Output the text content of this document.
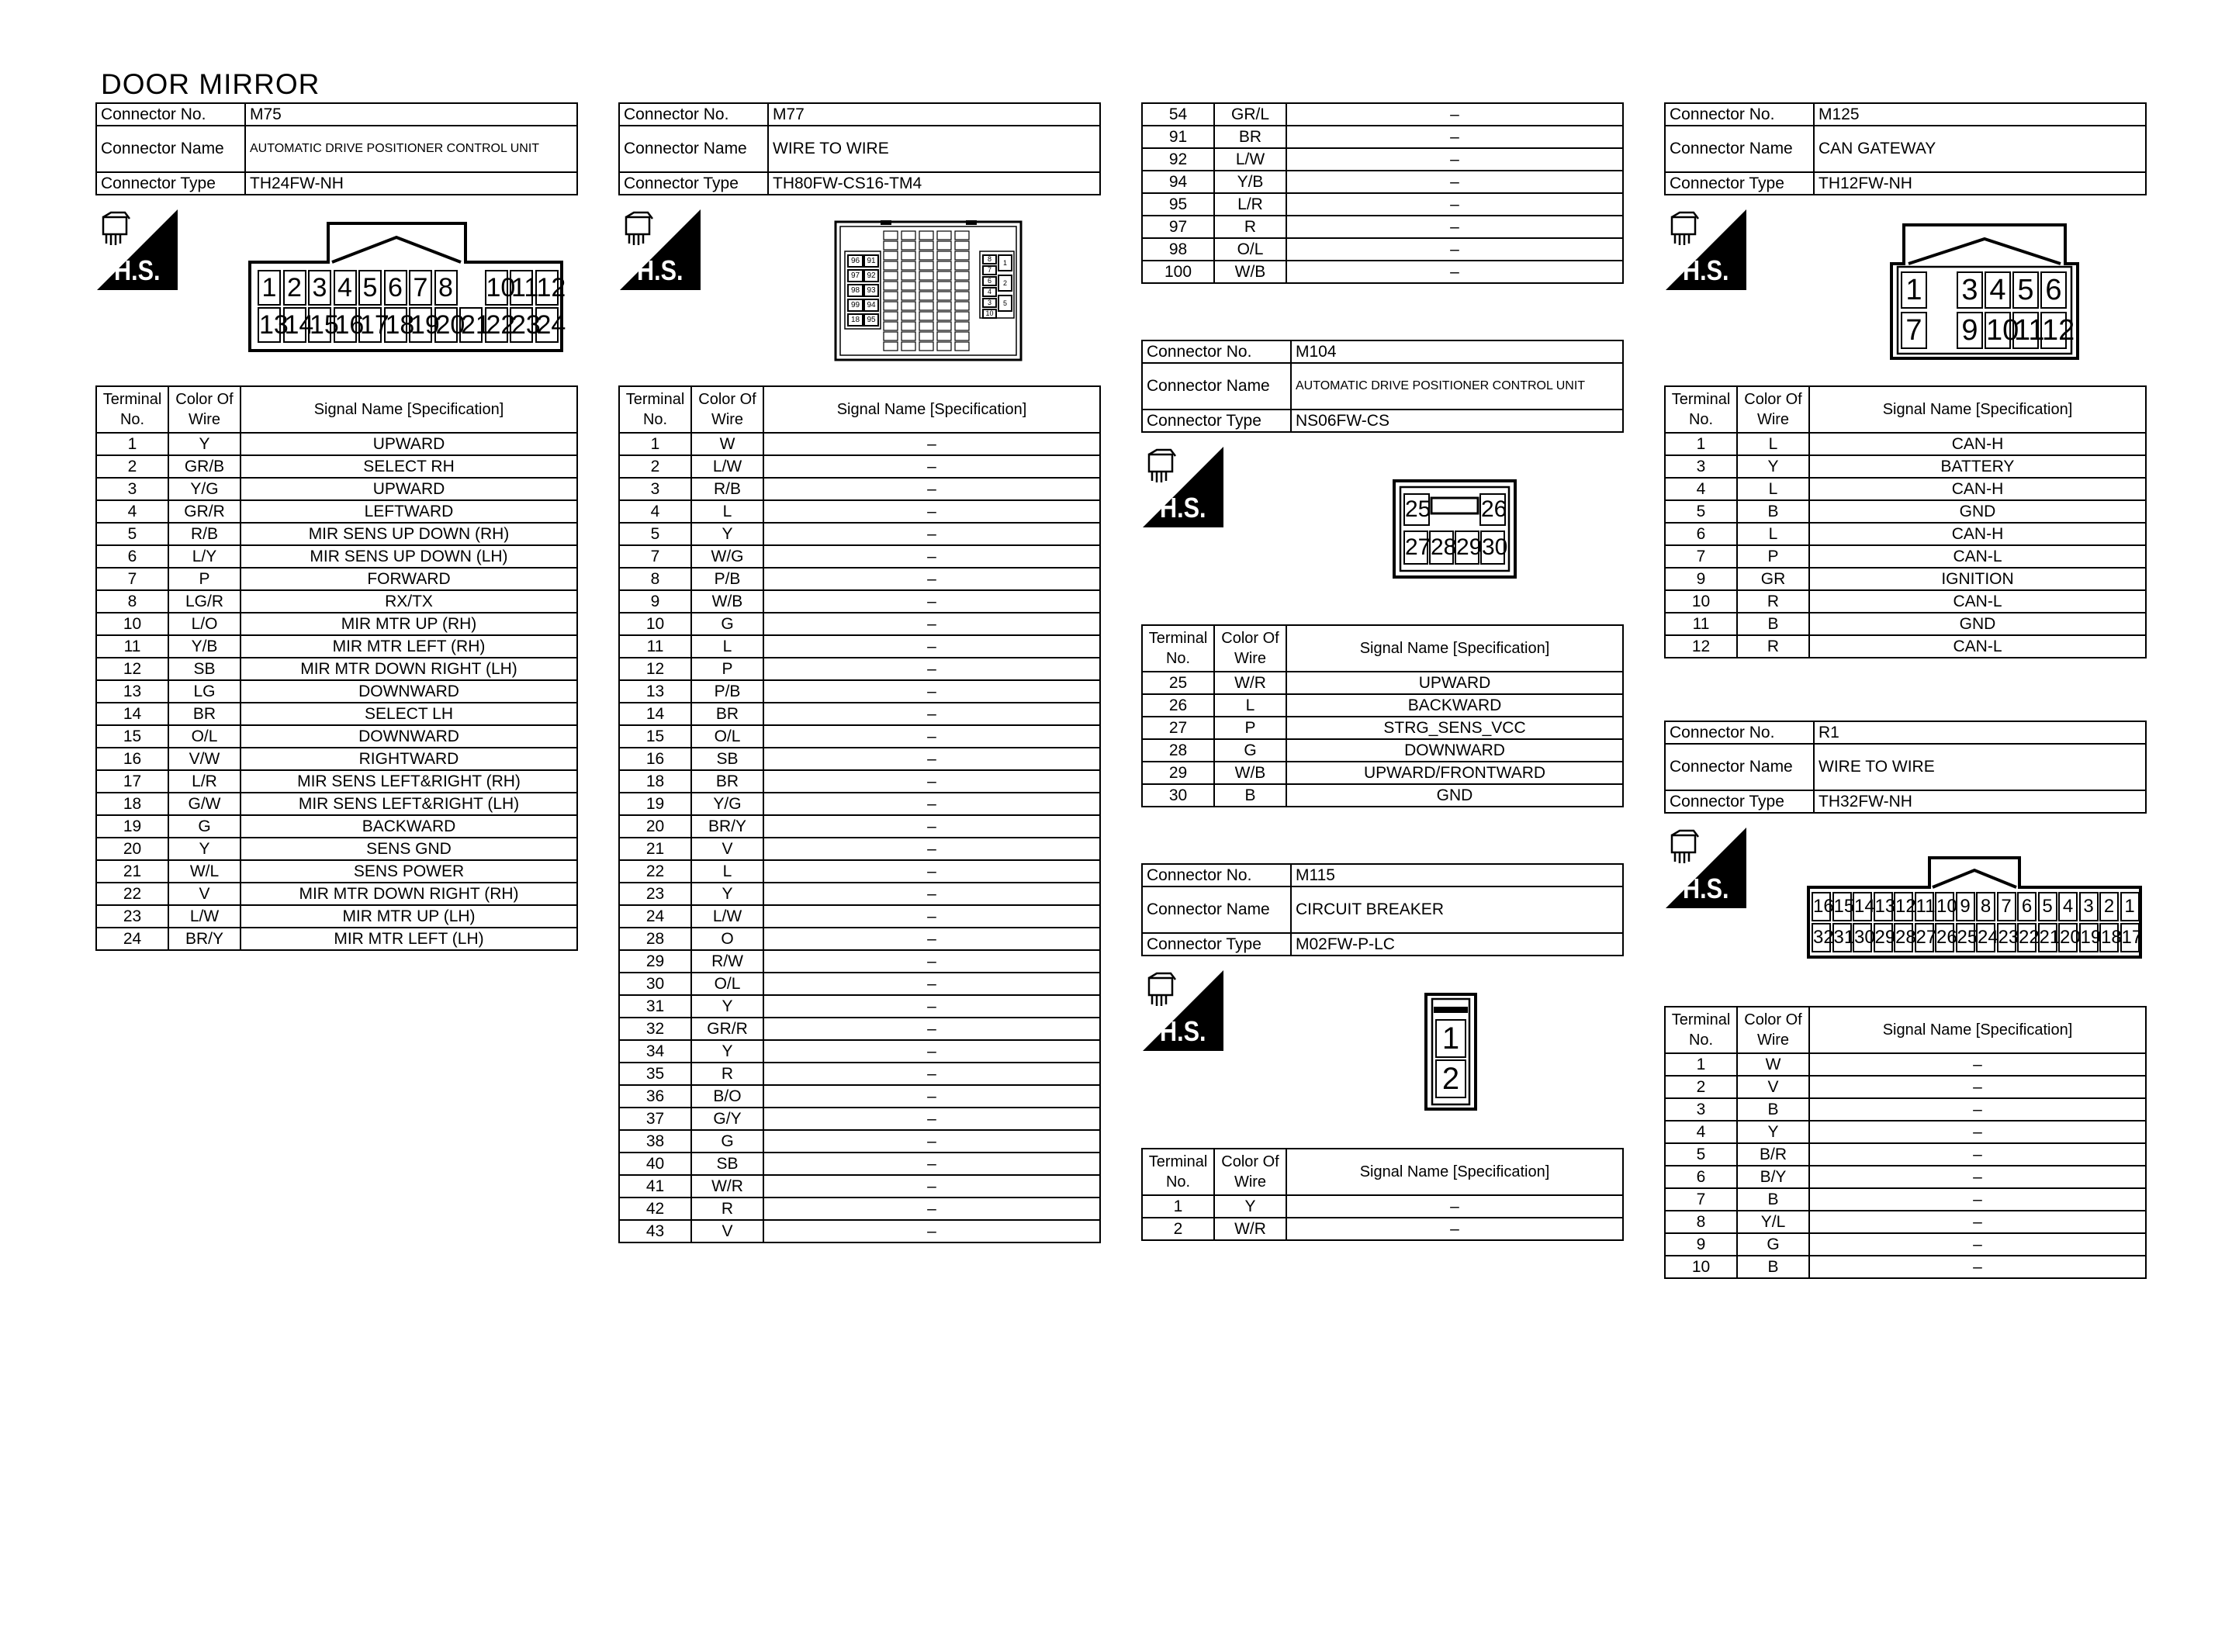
DOOR MIRROR
Connector No.	M75
Connector Name	AUTOMATIC DRIVE POSITIONER CONTROL UNIT
Connector Type	TH24FW-NH
H.S.
1 2 3 4 5 6 7 8 10
11
12
13
14
15
16
17
18
19
20
21
22
23
24
Terminal No.	Color Of Wire	Signal Name [Specification]
1	Y	UPWARD
2	GR/B	SELECT RH
3	Y/G	UPWARD
4	GR/R	LEFTWARD
5	R/B	MIR SENS UP DOWN (RH)
6	L/Y	MIR SENS UP DOWN (LH)
7	P	FORWARD
8	LG/R	RX/TX
10	L/O	MIR MTR UP (RH)
11	Y/B	MIR MTR LEFT (RH)
12	SB	MIR MTR DOWN RIGHT (LH)
13	LG	DOWNWARD
14	BR	SELECT LH
15	O/L	DOWNWARD
16	V/W	RIGHTWARD
17	L/R	MIR SENS LEFT&RIGHT (RH)
18	G/W	MIR SENS LEFT&RIGHT (LH)
19	G	BACKWARD
20	Y	SENS GND
21	W/L	SENS POWER
22	V	MIR MTR DOWN RIGHT (RH)
23	L/W	MIR MTR UP (LH)
24	BR/Y	MIR MTR LEFT (LH)
Connector No.	M77
Connector Name	WIRE TO WIRE
Connector Type	TH80FW-CS16-TM4
H.S.	96
97
98
99
18
91
92
93
94
95
8
7
6
4
3
10
1
2
5
Terminal No.	Color Of Wire	Signal Name [Specification]
1	W	–
2	L/W	–
3	R/B	–
4	L	–
5	Y	–
7	W/G	–
8	P/B	–
9	W/B	–
10	G	–
11	L	–
12	P	–
13	P/B	–
14	BR	–
15	O/L	–
16	SB	–
18	BR	–
19	Y/G	–
20	BR/Y	–
21	V	–
22	L	–
23	Y	–
24	L/W	–
28	O	–
29	R/W	–
30	O/L	–
31	Y	–
32	GR/R	–
34	Y	–
35	R	–
36	B/O	–
37	G/Y	–
38	G	–
40	SB	–
41	W/R	–
42	R	–
43	V	–
54	GR/L	–
91	BR	–
92	L/W	–
94	Y/B	–
95	L/R	–
97	R	–
98	O/L	–
100	W/B	–
Connector No.	M104
Connector Name	AUTOMATIC DRIVE POSITIONER CONTROL UNIT
Connector Type	NS06FW-CS
H.S.	25 26
27 28 29 30
Terminal No.	Color Of Wire	Signal Name [Specification]
25	W/R	UPWARD
26	L	BACKWARD
27	P	STRG_SENS_VCC
28	G	DOWNWARD
29	W/B	UPWARD/FRONTWARD
30	B	GND
Connector No.	M115
Connector Name	CIRCUIT BREAKER
Connector Type	M02FW-P-LC
H.S.	1
2
Terminal No.	Color Of Wire	Signal Name [Specification]
1	Y	–
2	W/R	–
Connector No.	M125
Connector Name	CAN GATEWAY
Connector Type	TH12FW-NH
H.S.
1 3 4 5 6
7 9 10
11
12
Terminal No.	Color Of Wire	Signal Name [Specification]
1	L	CAN-H
3	Y	BATTERY
4	L	CAN-H
5	B	GND
6	L	CAN-H
7	P	CAN-L
9	GR	IGNITION
10	R	CAN-L
11	B	GND
12	R	CAN-L
Connector No.	R1
Connector Name	WIRE TO WIRE
Connector Type	TH32FW-NH
H.S.
16 15 14 13 12 11 10 9 8 7 6 5 4 3 2 1
32 31 30 29 28 27 26 25 24 23 22 21 20 19 18 17
Terminal No.	Color Of Wire	Signal Name [Specification]
1	W	–
2	V	–
3	B	–
4	Y	–
5	B/R	–
6	B/Y	–
7	B	–
8	Y/L	–
9	G	–
10	B	–
